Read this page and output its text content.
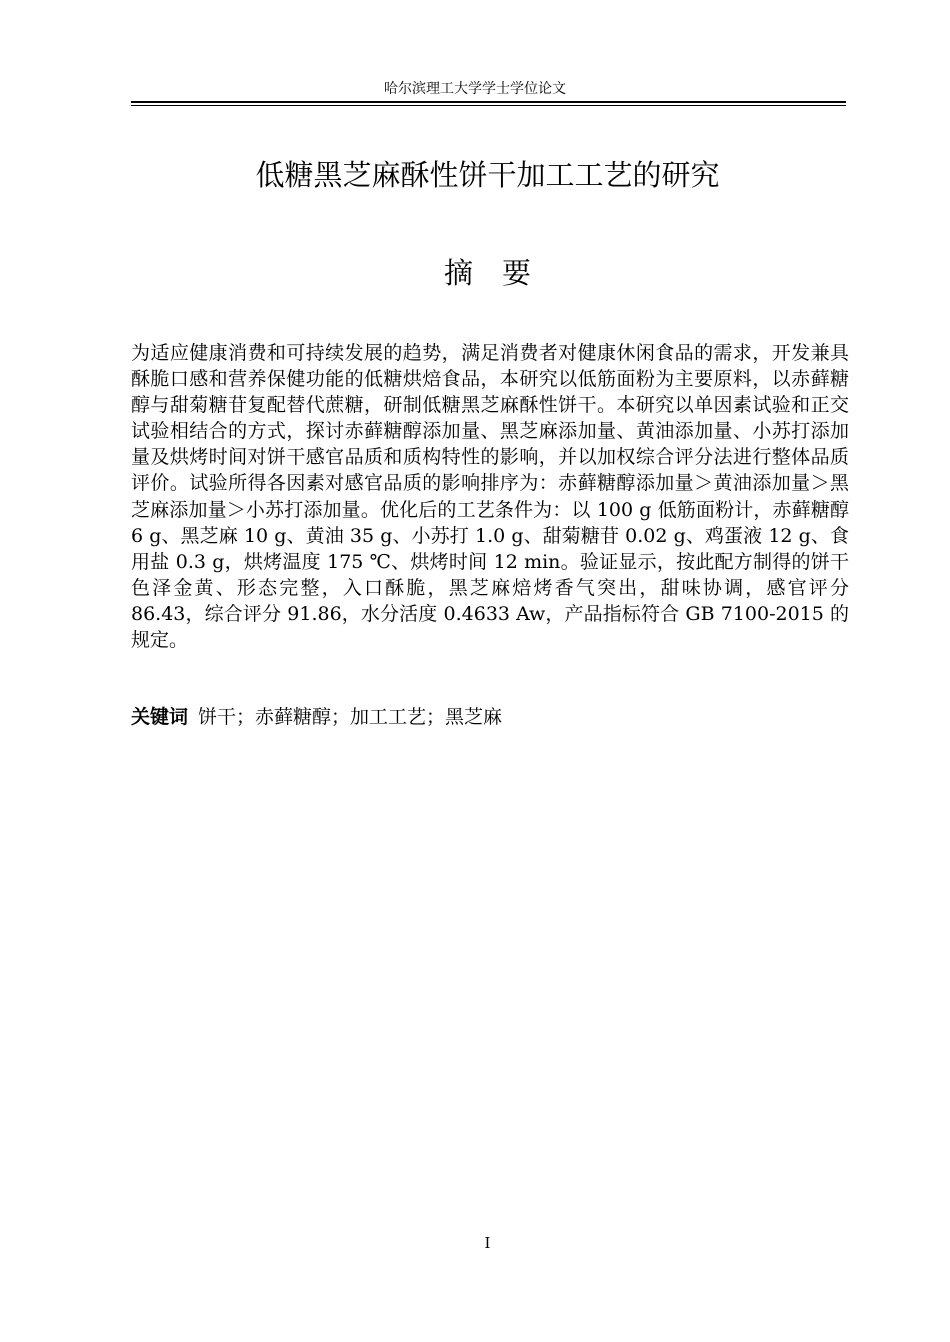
哈尔滨理工大学学士学位论文
低糖黑芝麻酥性饼干加工工艺的研究
摘　要

为适应健康消费和可持续发展的趋势，满足消费者对健康休闲食品的需求，开发兼具酥脆口感和营养保健功能的低糖烘焙食品，本研究以低筋面粉为主要原料，以赤藓糖醇与甜菊糖苷复配替代蔗糖，研制低糖黑芝麻酥性饼干。本研究以单因素试验和正交试验相结合的方式，探讨赤藓糖醇添加量、黑芝麻添加量、黄油添加量、小苏打添加量及烘烤时间对饼干感官品质和质构特性的影响，并以加权综合评分法进行整体品质评价。试验所得各因素对感官品质的影响排序为：赤藓糖醇添加量＞黄油添加量＞黑芝麻添加量＞小苏打添加量。优化后的工艺条件为：以 100 g 低筋面粉计，赤藓糖醇 6 g、黑芝麻 10 g、黄油 35 g、小苏打 1.0 g、甜菊糖苷 0.02 g、鸡蛋液 12 g、食用盐 0.3 g，烘烤温度 175 ℃、烘烤时间 12 min。验证显示，按此配方制得的饼干色泽金黄、形态完整，入口酥脆，黑芝麻焙烤香气突出，甜味协调，感官评分 86.43，综合评分 91.86，水分活度 0.4633 Aw，产品指标符合 GB 7100-2015 的规定。

关键词 饼干；赤藓糖醇；加工工艺；黑芝麻

I
